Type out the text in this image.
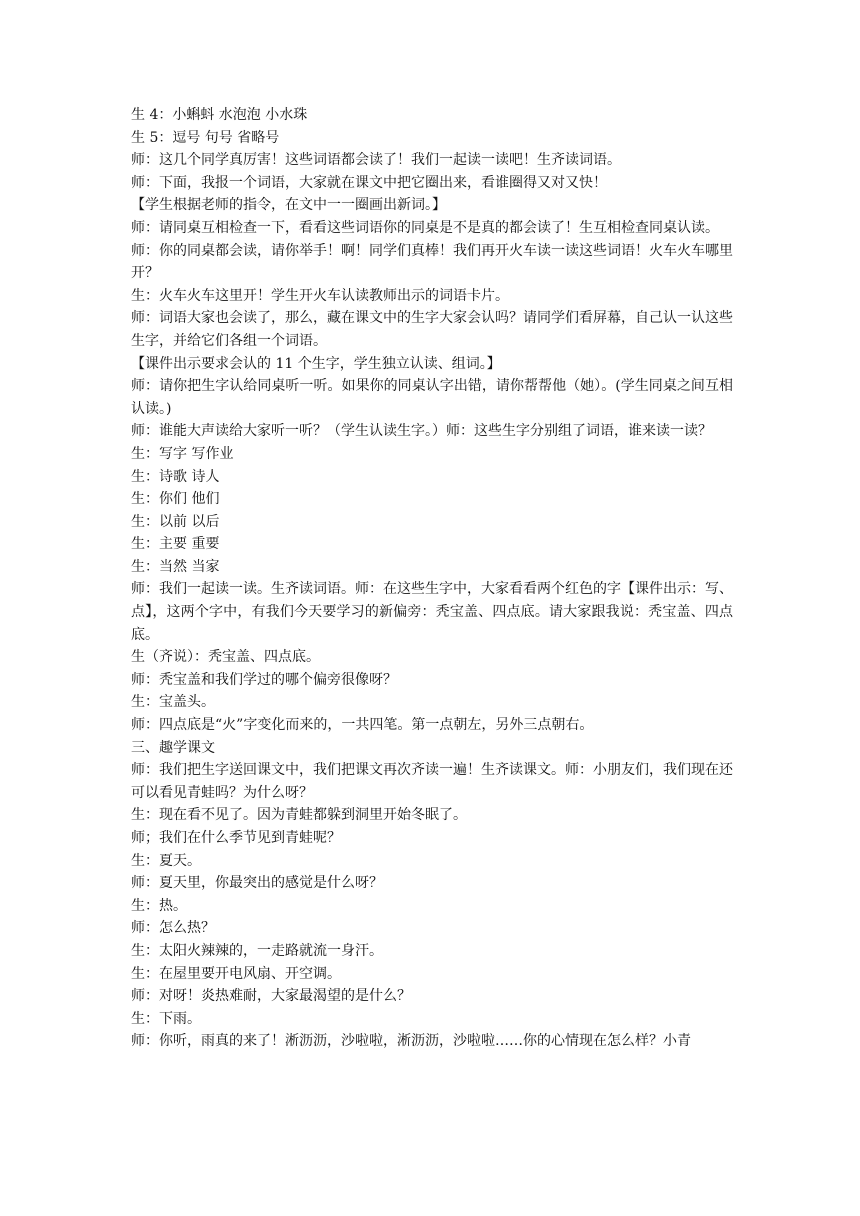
生 4：小蝌蚪 水泡泡 小水珠
生 5：逗号 句号 省略号
师：这几个同学真厉害！这些词语都会读了！我们一起读一读吧！生齐读词语。
师：下面，我报一个词语，大家就在课文中把它圈出来，看谁圈得又对又快！
【学生根据老师的指令，在文中一一圈画出新词。】
师：请同桌互相检查一下，看看这些词语你的同桌是不是真的都会读了！生互相检查同桌认读。
师：你的同桌都会读，请你举手！啊！同学们真棒！我们再开火车读一读这些词语！火车火车哪里开？
生：火车火车这里开！学生开火车认读教师出示的词语卡片。
师：词语大家也会读了，那么，藏在课文中的生字大家会认吗？请同学们看屏幕，自己认一认这些生字，并给它们各组一个词语。
【课件出示要求会认的 11 个生字，学生独立认读、组词。】
师：请你把生字认给同桌听一听。如果你的同桌认字出错，请你帮帮他（她）。(学生同桌之间互相认读。)
师：谁能大声读给大家听一听？（学生认读生字。）师：这些生字分别组了词语，谁来读一读？
生：写字 写作业
生：诗歌 诗人
生：你们 他们
生：以前 以后
生：主要 重要
生：当然 当家
师：我们一起读一读。生齐读词语。师：在这些生字中，大家看看两个红色的字【课件出示：写、点】，这两个字中，有我们今天要学习的新偏旁：秃宝盖、四点底。请大家跟我说：秃宝盖、四点底。
生（齐说）：秃宝盖、四点底。
师：秃宝盖和我们学过的哪个偏旁很像呀？
生：宝盖头。
师：四点底是“火”字变化而来的，一共四笔。第一点朝左，另外三点朝右。
三、趣学课文
师：我们把生字送回课文中，我们把课文再次齐读一遍！生齐读课文。师：小朋友们，我们现在还可以看见青蛙吗？为什么呀？
生：现在看不见了。因为青蛙都躲到洞里开始冬眠了。
师；我们在什么季节见到青蛙呢？
生：夏天。
师：夏天里，你最突出的感觉是什么呀？
生：热。
师：怎么热？
生：太阳火辣辣的，一走路就流一身汗。
生：在屋里要开电风扇、开空调。
师：对呀！炎热难耐，大家最渴望的是什么？
生：下雨。
师：你听，雨真的来了！淅沥沥，沙啦啦，淅沥沥，沙啦啦……你的心情现在怎么样？小青
